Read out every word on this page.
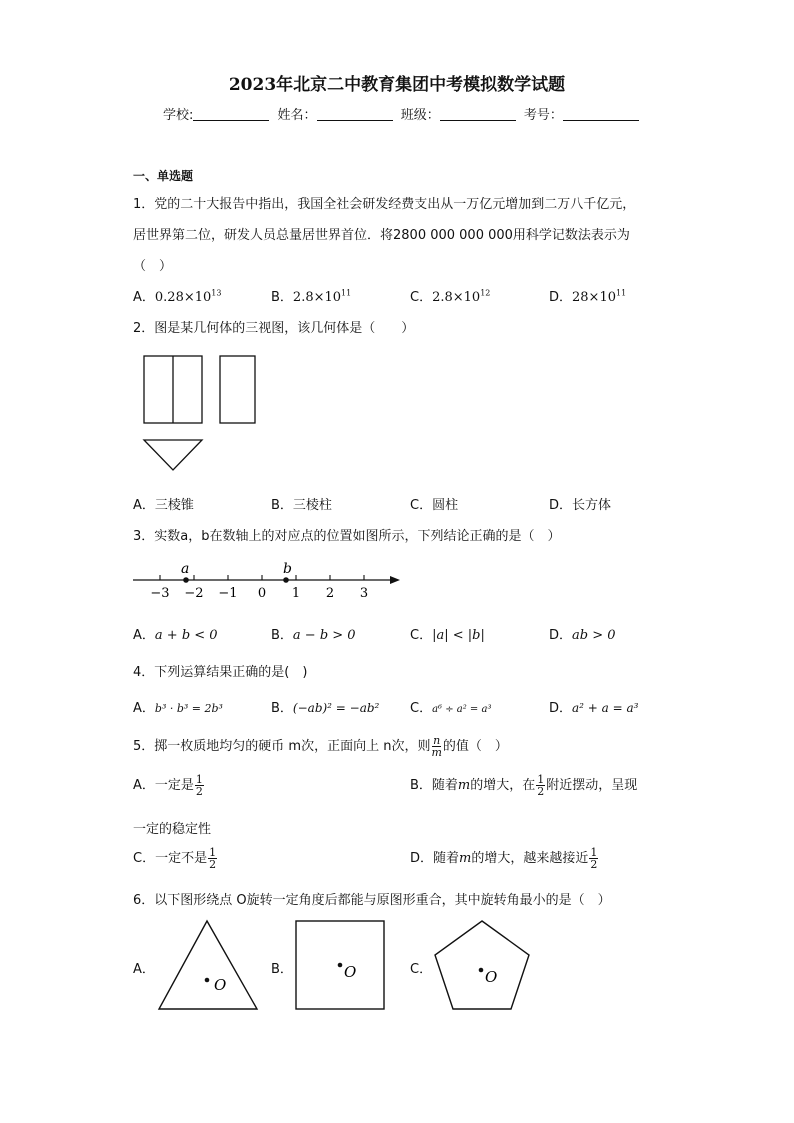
2023年北京二中教育集团中考模拟数学试题
学校:	姓名：	班级：	考号：
一、单选题
1．党的二十大报告中指出，我国全社会研发经费支出从一万亿元增加到二万八千亿元，
居世界第二位，研发人员总量居世界首位．将2800 000 000 000用科学记数法表示为
（　）
A．$0.28\times 10^{13}$	B．$2.8\times 10^{11}$	C．$2.8\times 10^{12}$	D．$28\times 10^{11}$
2．图是某几何体的三视图，该几何体是（　　）
A．三棱锥	B．三棱柱	C．圆柱	D．长方体
3．实数a，b在数轴上的对应点的位置如图所示，下列结论正确的是（　）
−3 −2 −1 0 1 2 3
a	b
A．a + b < 0	B．a − b > 0	C．|a| < |b|	D．ab > 0
4．下列运算结果正确的是(　)
A．b³ · b³ = 2b³	B．(−ab)² = −ab² C．a⁶ ÷ a² = a³	D．a² + a = a³
5．掷一枚质地均匀的硬币 m次，正面向上 n次，则 $\frac{n}{m}$ 的值（　）
A．一定是 $\frac{1}{2}$	B．随着m的增大，在 $\frac{1}{2}$ 附近摆动，呈现
一定的稳定性
C．一定不是 $\frac{1}{2}$	D．随着m的增大，越来越接近 $\frac{1}{2}$
6．以下图形绕点 O旋转一定角度后都能与原图形重合，其中旋转角最小的是（　）
A．
O
B．	O	C．	O
